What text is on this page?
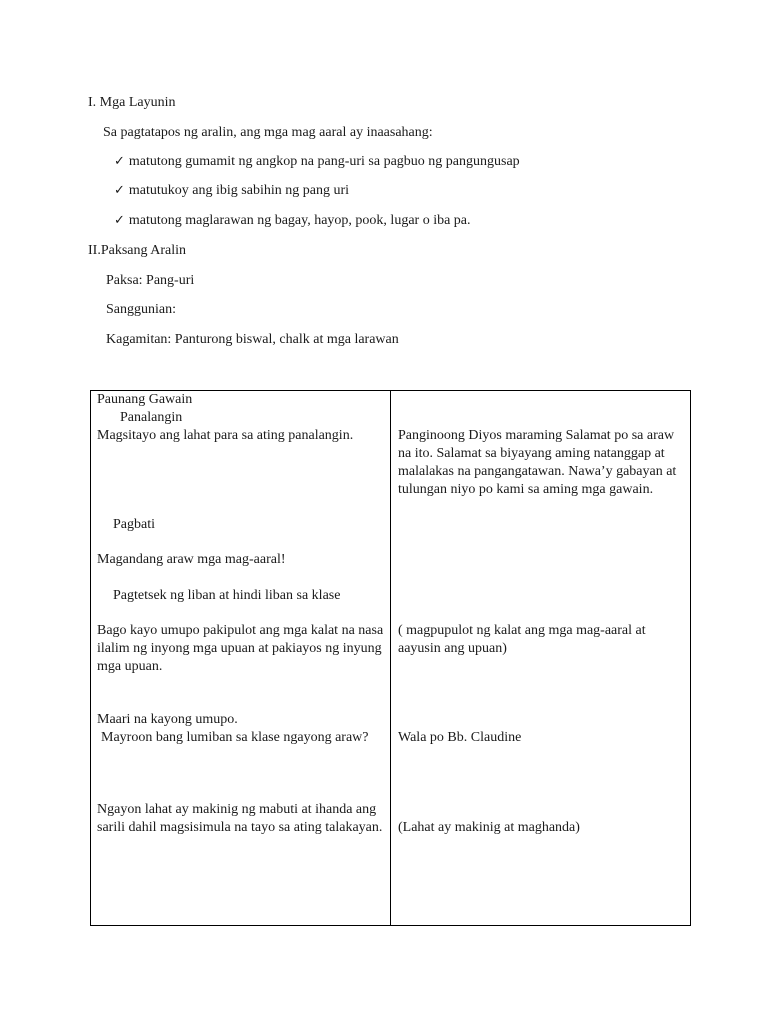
I. Mga Layunin
Sa pagtatapos ng aralin, ang mga mag aaral ay inaasahang:
✓ matutong gumamit ng angkop na pang-uri sa pagbuo ng pangungusap
✓ matutukoy ang ibig sabihin ng pang uri
✓ matutong maglarawan ng bagay, hayop, pook, lugar o iba pa.
II.Paksang Aralin
Paksa: Pang-uri
Sanggunian:
Kagamitan: Panturong biswal, chalk at mga larawan
Paunang Gawain
Panalangin
Magsitayo ang lahat para sa ating panalangin.
Pagbati
Magandang araw mga mag-aaral!
Pagtetsek ng liban at hindi liban sa klase
Bago kayo umupo pakipulot ang mga kalat na nasa ilalim ng inyong mga upuan at pakiayos ng inyung mga upuan.
Maari na kayong umupo.
Mayroon bang lumiban sa klase ngayong araw?
Ngayon lahat ay makinig ng mabuti at ihanda ang sarili dahil magsisimula na tayo sa ating talakayan.
Panginoong Diyos maraming Salamat po sa araw na ito. Salamat sa biyayang aming natanggap at malalakas na pangangatawan. Nawa’y gabayan at tulungan niyo po kami sa aming mga gawain.
( magpupulot ng kalat ang mga mag-aaral at aayusin ang upuan)
Wala po Bb. Claudine
(Lahat ay makinig at maghanda)
